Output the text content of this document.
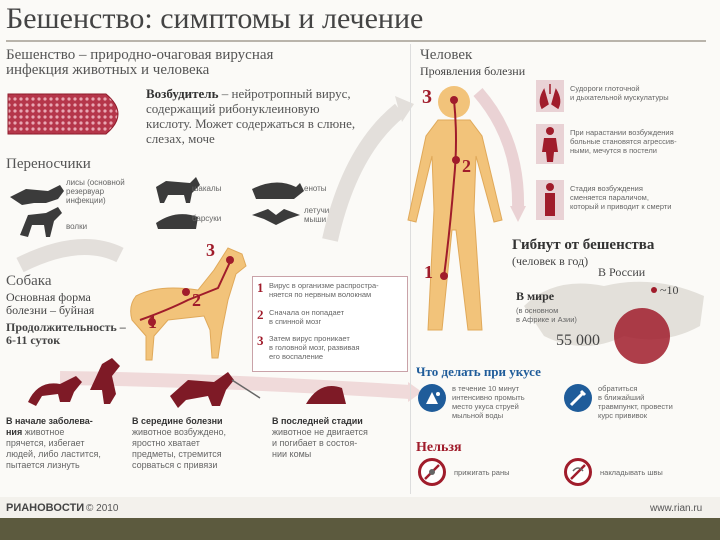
Бешенство: симптомы и лечение
Бешенство – природно-очаговая вирусная
инфекция животных и человека
Возбудитель – нейротропный вирус,
содержащий рибонуклеиновую
кислоту. Может содержаться в слюне,
слезах, моче
Переносчики
лисы (основной
резервуар
инфекции)
волки
шакалы
барсуки
еноты
летучие
мыши
Собака
Основная форма
болезни – буйная
Продолжительность –
6-11 суток
1
2
3
1 Вирус в организме распростра-
няется по нервным волокнам
2 Сначала он попадает
в спинной мозг
3 Затем вирус проникает
в головной мозг, развивая
его воспаление
В начале заболева-
ния животное
прячется, избегает
людей, либо ластится,
пытается лизнуть
В середине болезни
животное возбуждено,
яростно хватает
предметы, стремится
сорваться с привязи
В последней стадии
животное не двигается
и погибает в состоя-
нии комы
Человек
Проявления болезни
3
2
1
Судороги глоточной
и дыхательной мускулатуры
При нарастании возбуждения
больные становятся агрессив-
ными, мечутся в постели
Стадия возбуждения
сменяется параличом,
который и приводит к смерти
Гибнут от бешенства
(человек в год)
В России
~10
В мире
(в основном
в Африке и Азии)
55 000
Что делать при укусе
в течение 10 минут
интенсивно промыть
место укуса струей
мыльной воды
обратиться
в ближайший
травмпункт, провести
курс прививок
Нельзя
прижигать раны	накладывать швы
РИАНОВОСТИ © 2010	www.rian.ru
